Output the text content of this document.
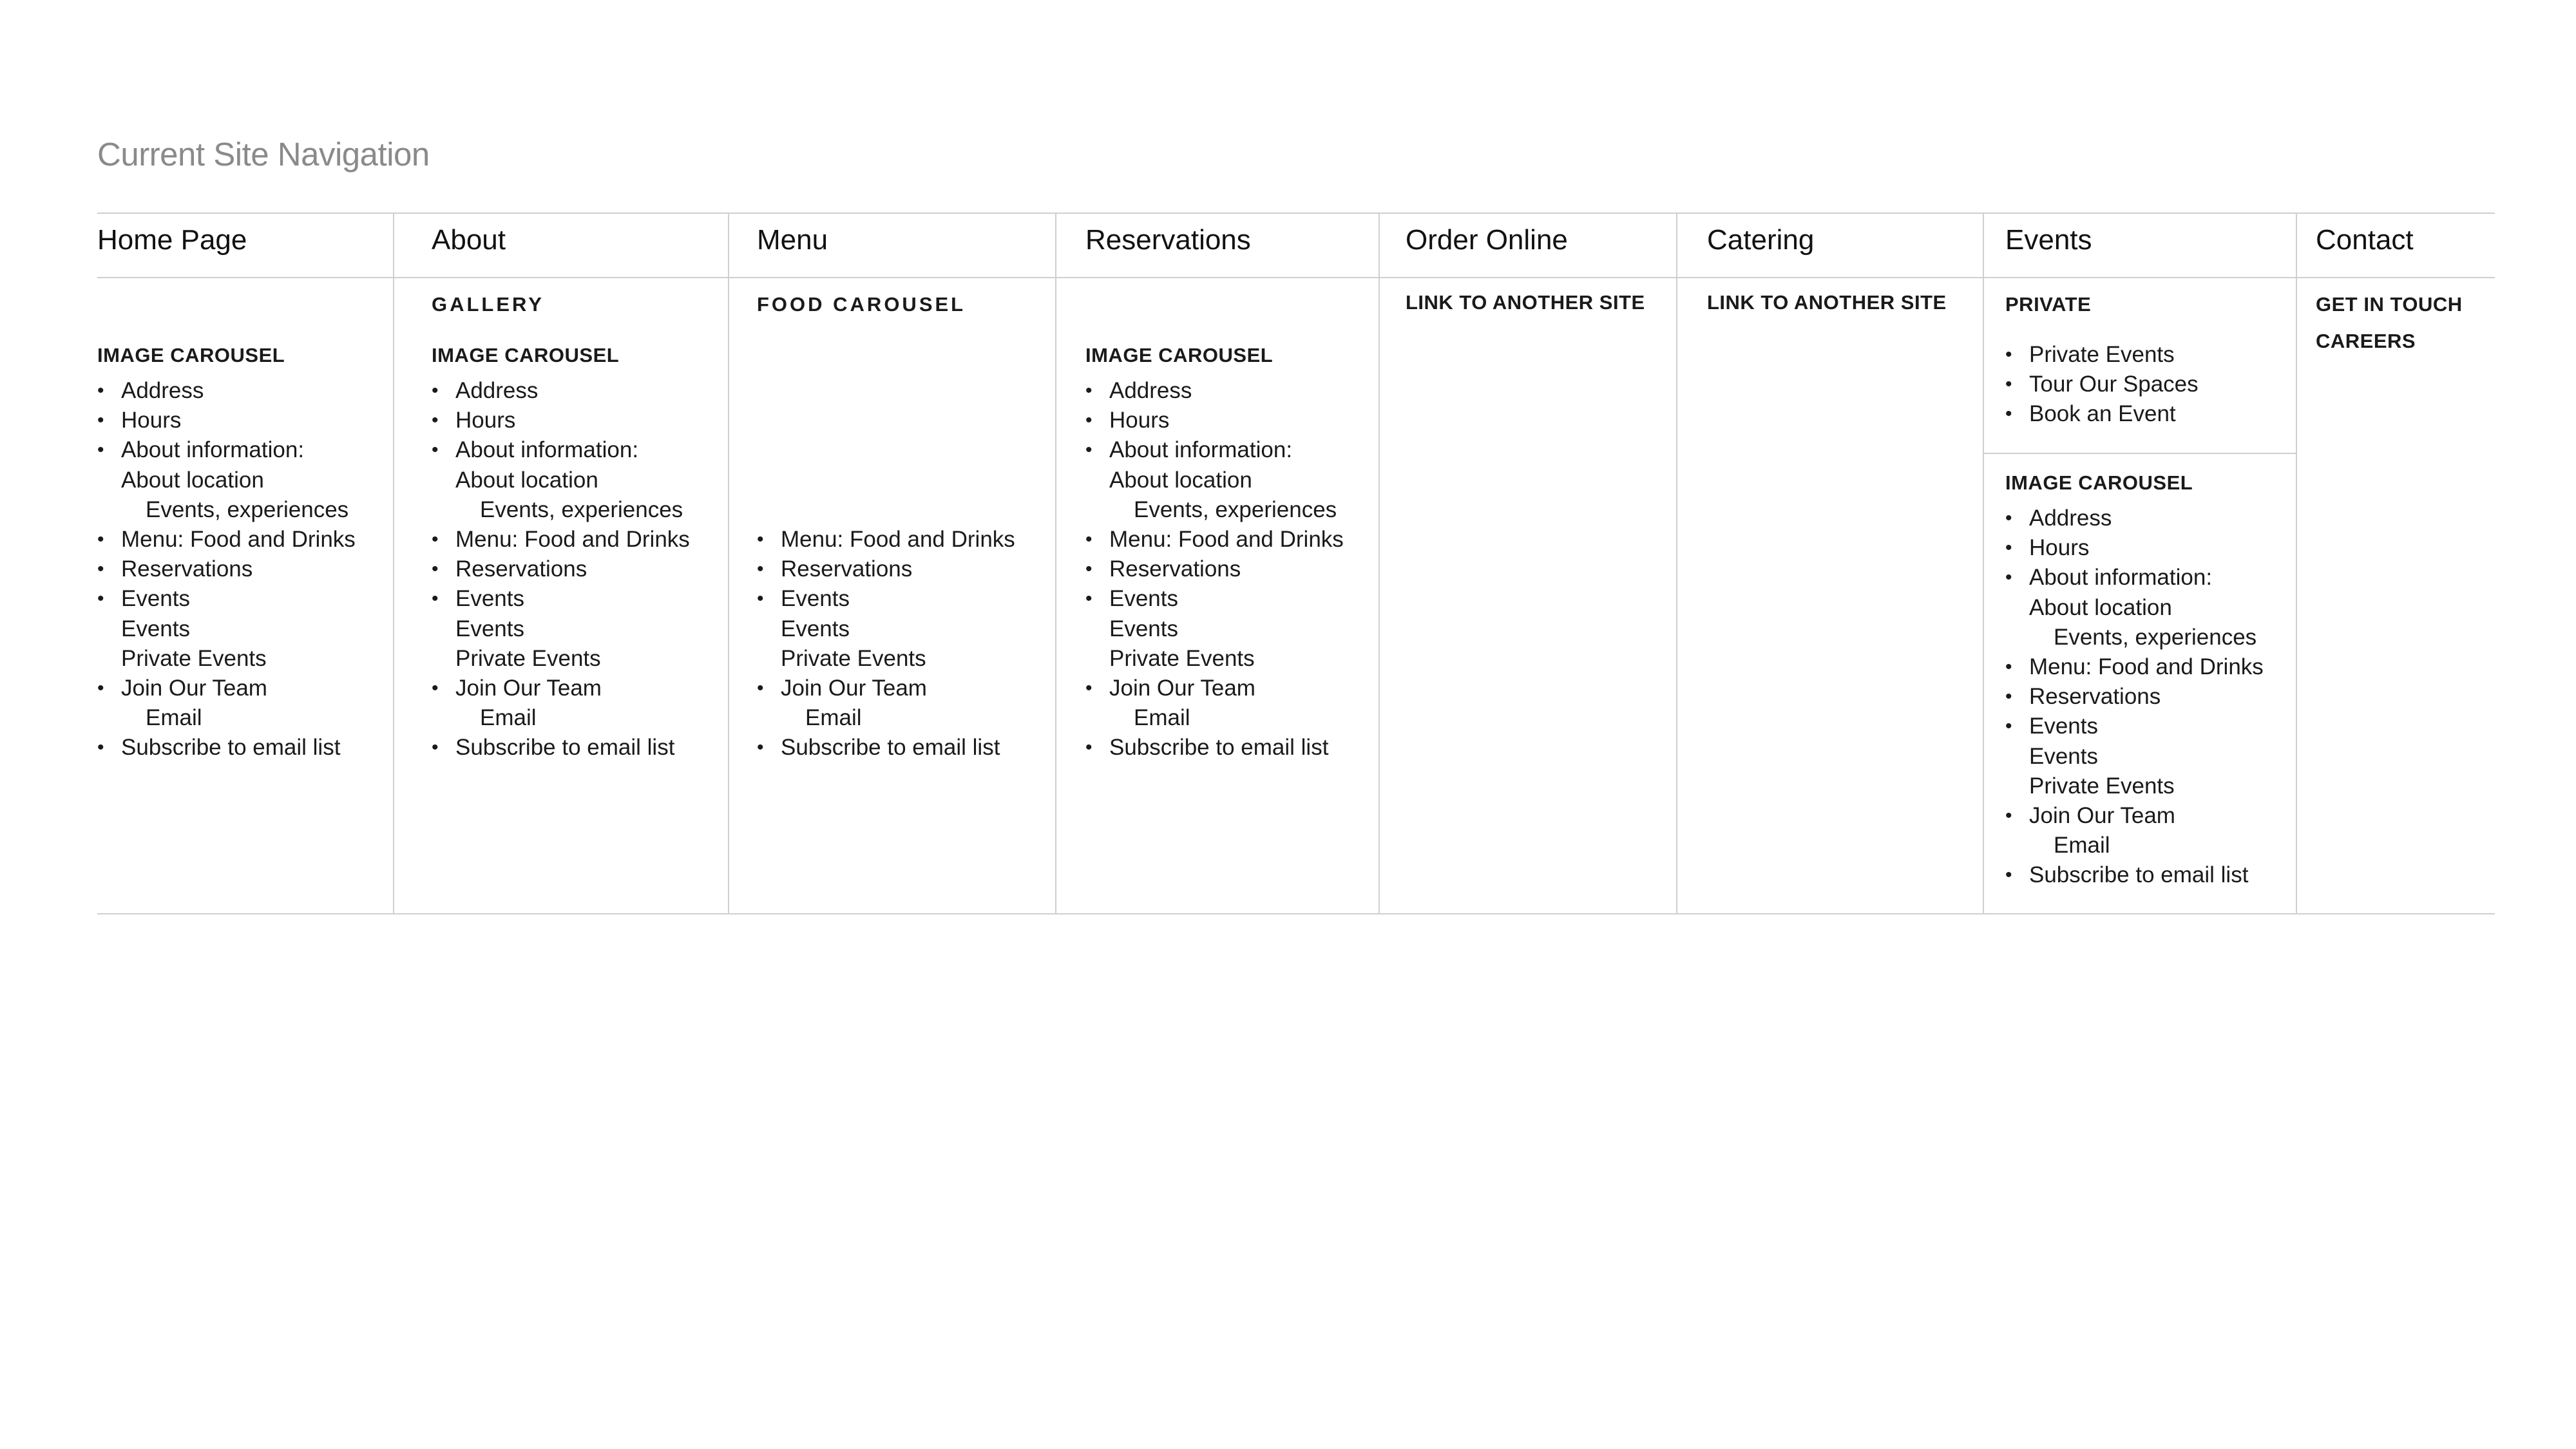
Current Site Navigation
Home Page
IMAGE CAROUSEL
• Address
• Hours
• About information:
About location
Events, experiences
• Menu: Food and Drinks
• Reservations
• Events
Events
Private Events
• Join Our Team
Email
• Subscribe to email list
About
GALLERY
IMAGE CAROUSEL
• Address
• Hours
• About information:
About location
Events, experiences
• Menu: Food and Drinks
• Reservations
• Events
Events
Private Events
• Join Our Team
Email
• Subscribe to email list
Menu
FOOD CAROUSEL
• Menu: Food and Drinks
• Reservations
• Events
Events
Private Events
• Join Our Team
Email
• Subscribe to email list
Reservations
IMAGE CAROUSEL
• Address
• Hours
• About information:
About location
Events, experiences
• Menu: Food and Drinks
• Reservations
• Events
Events
Private Events
• Join Our Team
Email
• Subscribe to email list
Order Online
LINK TO ANOTHER SITE
Catering
LINK TO ANOTHER SITE
Events
PRIVATE
• Private Events
• Tour Our Spaces
• Book an Event
IMAGE CAROUSEL
• Address
• Hours
• About information:
About location
Events, experiences
• Menu: Food and Drinks
• Reservations
• Events
Events
Private Events
• Join Our Team
Email
• Subscribe to email list
Contact
GET IN TOUCH
CAREERS
